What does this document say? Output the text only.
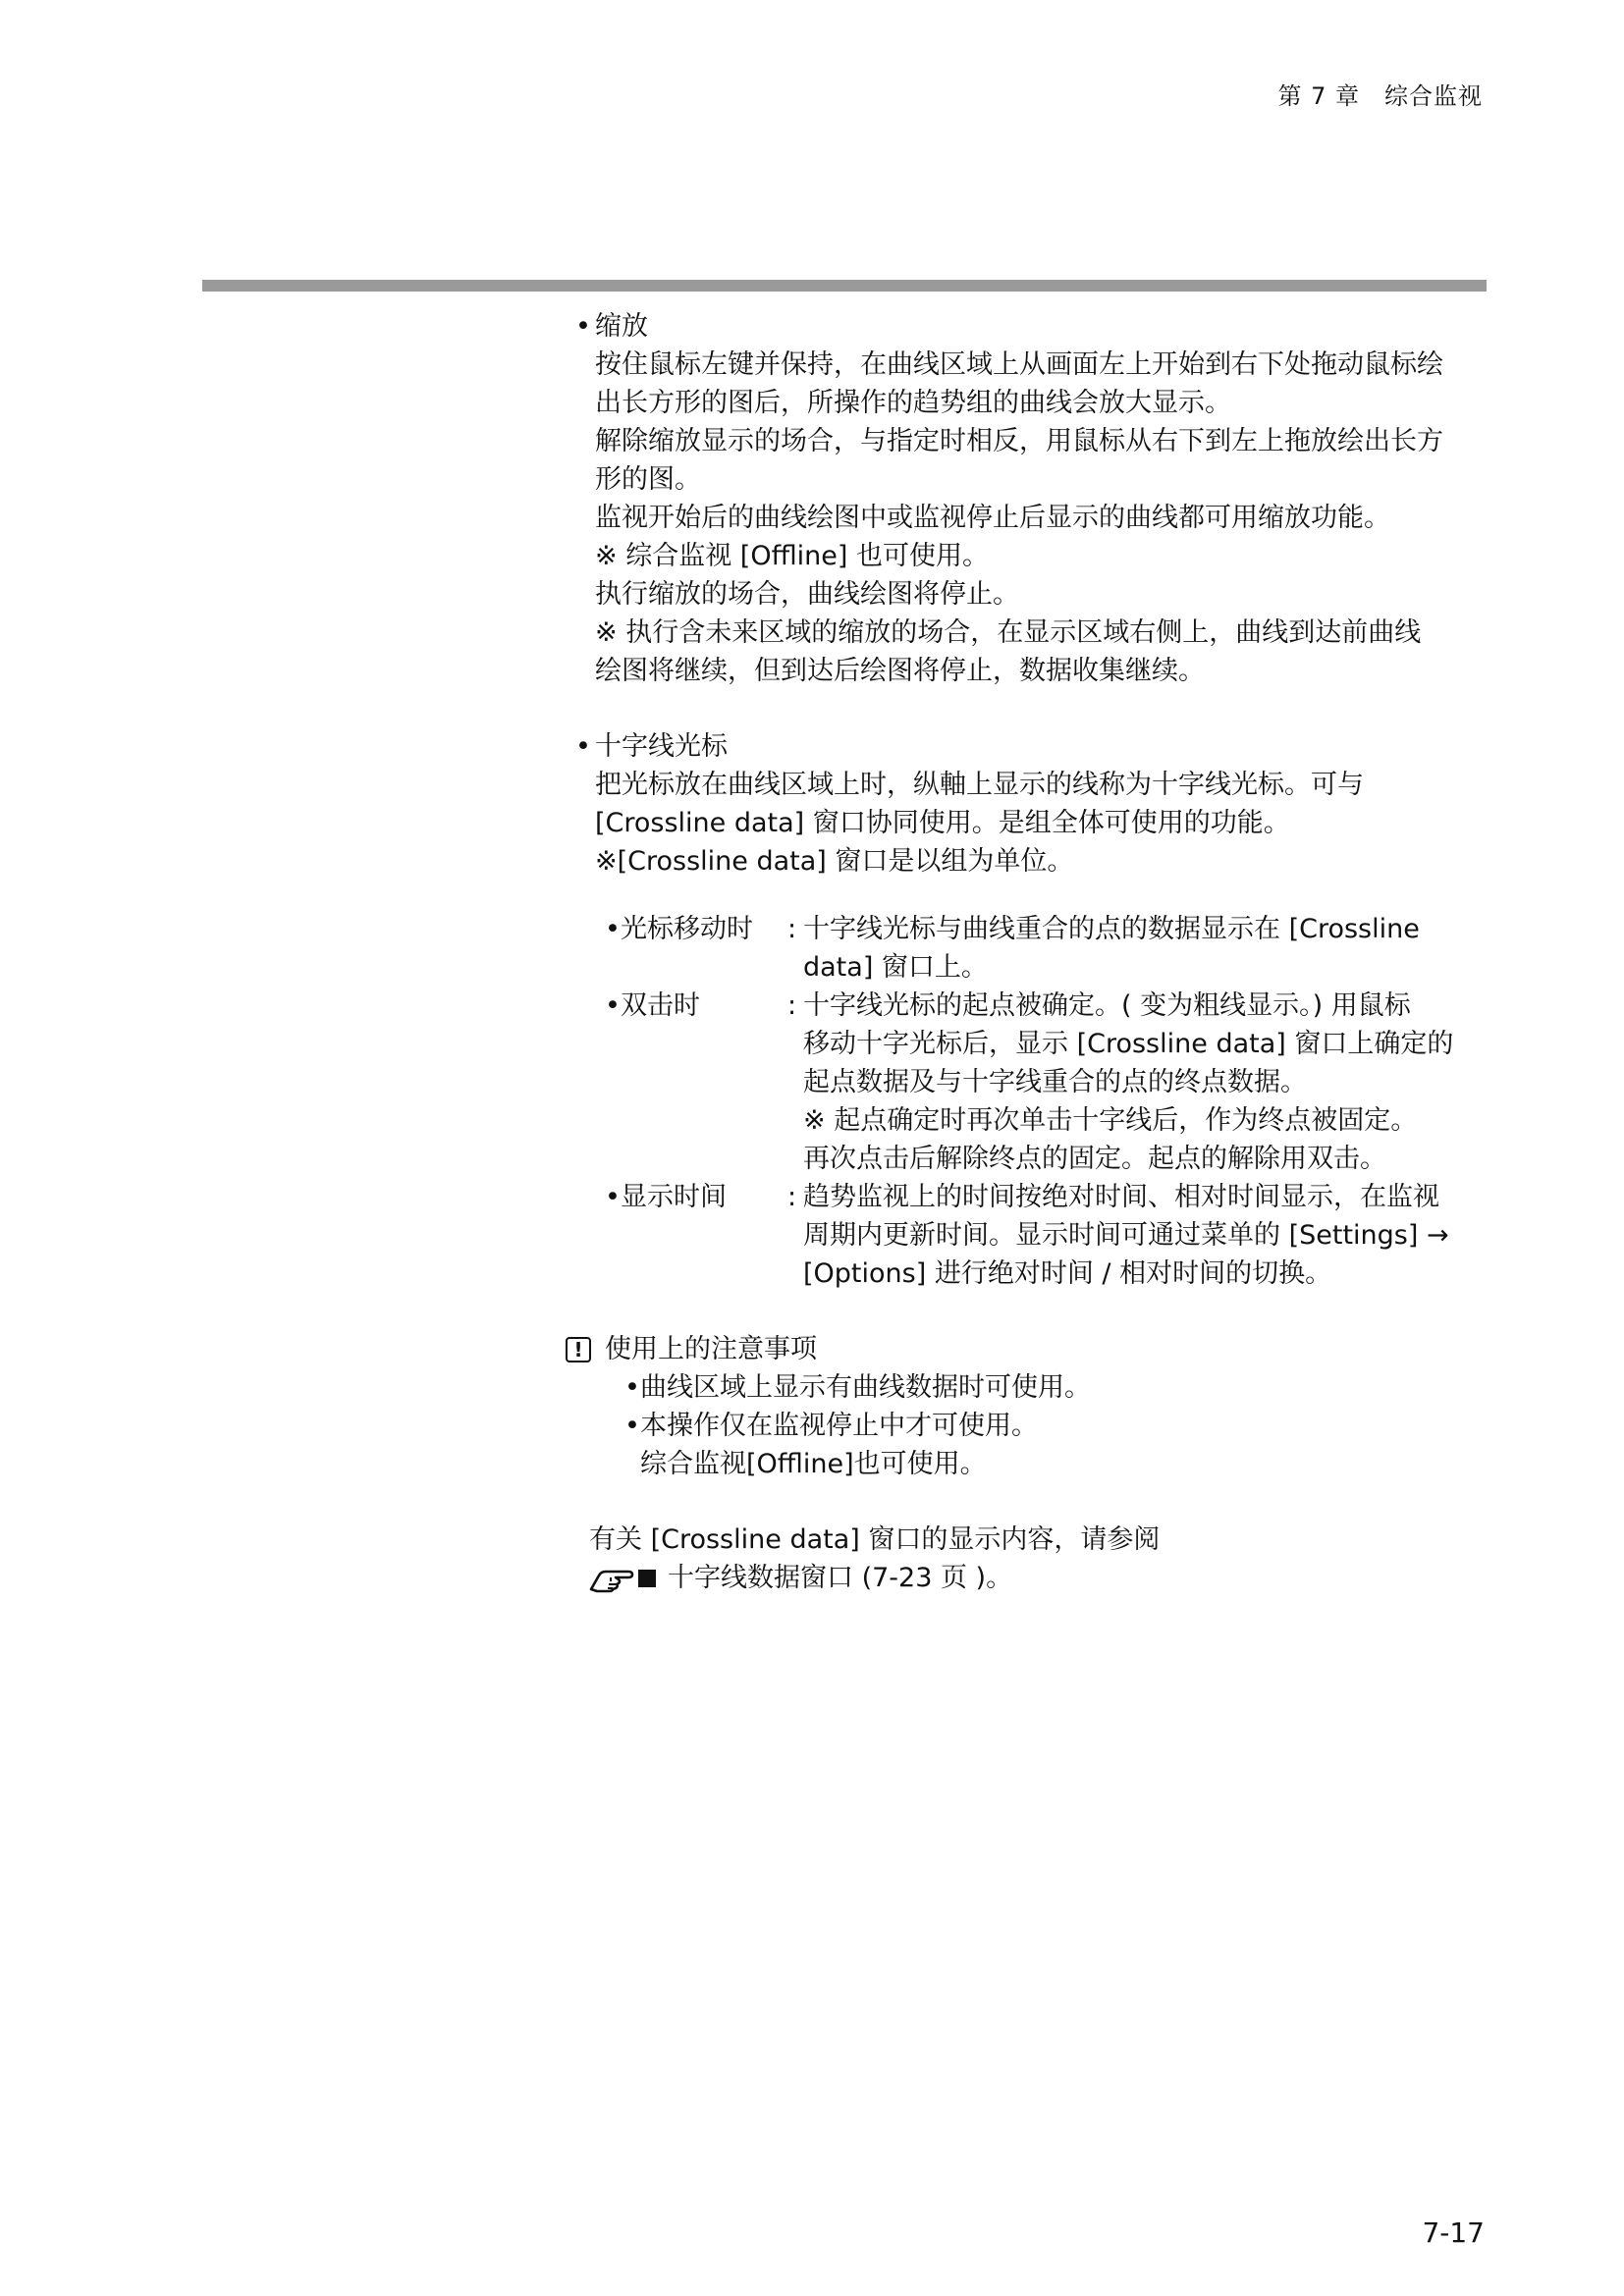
第 7 章　综合监视
• 缩放
按住鼠标左键并保持，在曲线区域上从画面左上开始到右下处拖动鼠标绘
出长方形的图后，所操作的趋势组的曲线会放大显示。
解除缩放显示的场合，与指定时相反，用鼠标从右下到左上拖放绘出长方
形的图。
监视开始后的曲线绘图中或监视停止后显示的曲线都可用缩放功能。
※ 综合监视 [Offline] 也可使用。
执行缩放的场合，曲线绘图将停止。
※ 执行含未来区域的缩放的场合，在显示区域右侧上，曲线到达前曲线
绘图将继续，但到达后绘图将停止，数据收集继续。
• 十字线光标
把光标放在曲线区域上时，纵軸上显示的线称为十字线光标。可与
[Crossline data] 窗口协同使用。是组全体可使用的功能。
※[Crossline data] 窗口是以组为单位。
• 光标移动时	: 十字线光标与曲线重合的点的数据显示在 [Crossline
data] 窗口上。
• 双击时	: 十字线光标的起点被确定。( 变为粗线显示。) 用鼠标
移动十字光标后，显示 [Crossline data] 窗口上确定的
起点数据及与十字线重合的点的终点数据。
※ 起点确定时再次单击十字线后，作为终点被固定。
再次点击后解除终点的固定。起点的解除用双击。
• 显示时间	: 趋势监视上的时间按绝对时间、相对时间显示，在监视
周期内更新时间。显示时间可通过菜单的 [Settings] →
[Options] 进行绝对时间 / 相对时间的切换。
! 使用上的注意事项
• 曲线区域上显示有曲线数据时可使用。
• 本操作仅在监视停止中才可使用。
综合监视[Offline]也可使用。
有关 [Crossline data] 窗口的显示内容，请参阅
十字线数据窗口 (7-23 页 )。
7-17
